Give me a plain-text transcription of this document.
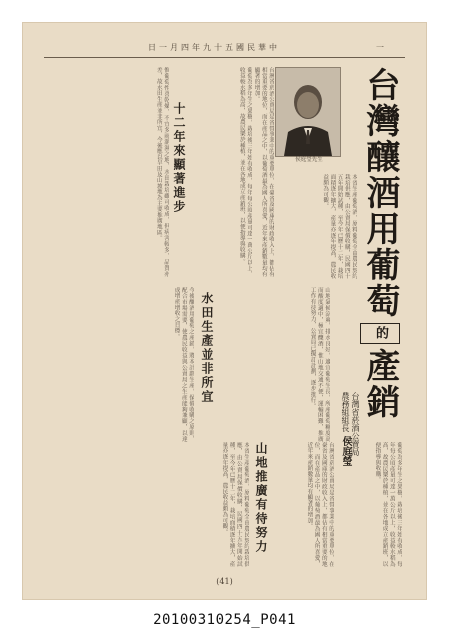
日一月四年九十五國民華中	一
台灣釀酒用葡萄的產銷
台灣省菸酒公賣局
農務組組長侯庭瑩
侯庭瑩先生
台灣省菸酒公賣局是省營事業中的重要單位，在臺省及國庫的財政收入上，都佔有相當重要的地位，而在產品之中，以葡萄酒最為國人所喜愛，近年來產銷數量均有顯著的增加。
本省生產葡萄酒，原料葡萄全由農民契約栽培供應，由公賣局保價收購，民國四十五年開始試種，至今年已歷十二年，栽培面積逐年擴大，產量亦逐年提高，農民收益頗為可觀。
十二年來顯著進步	葡萄為多年生之果樹，栽培後三年始有收成，每年每公頃產量可達一萬公斤以上，收益較水稻為高，故農民樂於種植，並在各地成立產銷班，以便指導與收購。
惟葡萄性喜乾燥，不宜多雨潮濕之地，水田栽培雖可收成，但病害較多，品質亦差，故水田生產並非所宜，今後應以旱田及山坡地為主要推廣地區。
水田生產並非所宜	山地氣候涼爽，排水良好，適宜葡萄生長，所產葡萄糖度高而酸度適中，極宜釀酒，惟山地交通不便，運輸困難，推廣工作有待努力，公賣局已擬訂計劃，逐步推行。
今後釀酒用葡萄之產銷，將本計劃生產，保價收購之原則，配合市場需要，使農民收益與公賣局之生產能夠兼顧，以達成增產增收之目標。
山地推廣有待努力	台灣省菸酒公賣局是省營事業中的重要單位，在臺省及國庫的財政收入上，都佔有相當重要的地位，而在產品之中，以葡萄酒最為國人所喜愛，近年來產銷數量均有顯著的增加。
本省生產葡萄酒，原料葡萄全由農民契約栽培供應，由公賣局保價收購，民國四十五年開始試種，至今年已歷十二年，栽培面積逐年擴大，產量亦逐年提高，農民收益頗為可觀。	葡萄為多年生之果樹，栽培後三年始有收成，每年每公頃產量可達一萬公斤以上，收益較水稻為高，故農民樂於種植，並在各地成立產銷班，以便指導與收購。
(41)
20100310254_P041
